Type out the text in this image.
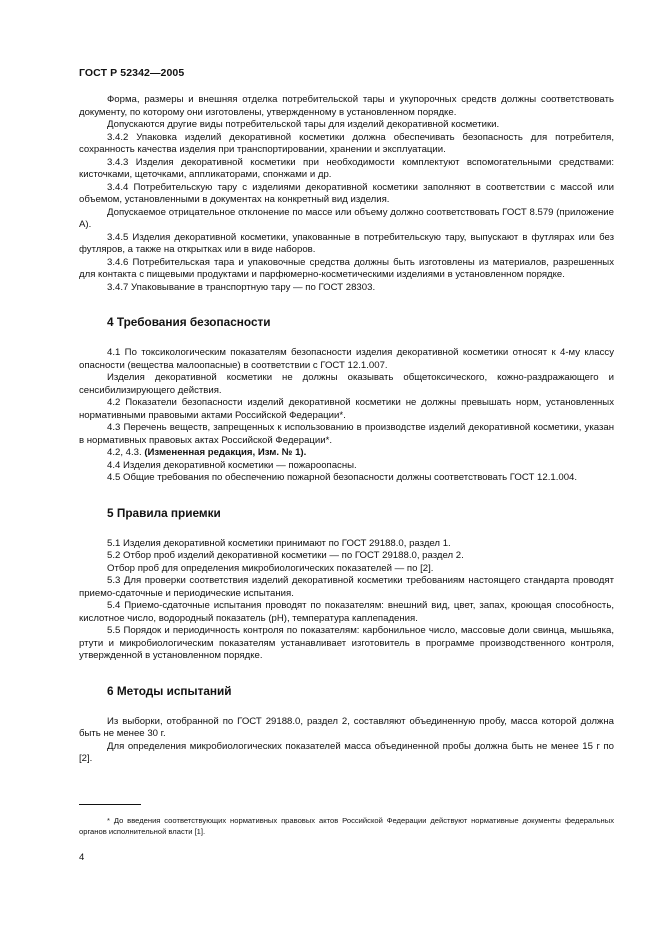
ГОСТ Р 52342—2005

Форма, размеры и внешняя отделка потребительской тары и укупорочных средств должны соответствовать документу, по которому они изготовлены, утвержденному в установленном порядке.

Допускаются другие виды потребительской тары для изделий декоративной косметики.

3.4.2 Упаковка изделий декоративной косметики должна обеспечивать безопасность для потребителя, сохранность качества изделия при транспортировании, хранении и эксплуатации.

3.4.3 Изделия декоративной косметики при необходимости комплектуют вспомогательными средствами: кисточками, щеточками, аппликаторами, спонжами и др.

3.4.4 Потребительскую тару с изделиями декоративной косметики заполняют в соответствии с массой или объемом, установленными в документах на конкретный вид изделия.

Допускаемое отрицательное отклонение по массе или объему должно соответствовать ГОСТ 8.579 (приложение А).

3.4.5 Изделия декоративной косметики, упакованные в потребительскую тару, выпускают в футлярах или без футляров, а также на открытках или в виде наборов.

3.4.6 Потребительская тара и упаковочные средства должны быть изготовлены из материалов, разрешенных для контакта с пищевыми продуктами и парфюмерно-косметическими изделиями в установленном порядке.

3.4.7 Упаковывание в транспортную тару — по ГОСТ 28303.

4 Требования безопасности

4.1 По токсикологическим показателям безопасности изделия декоративной косметики относят к 4-му классу опасности (вещества малоопасные) в соответствии с ГОСТ 12.1.007.

Изделия декоративной косметики не должны оказывать общетоксического, кожно-раздражающего и сенсибилизирующего действия.

4.2 Показатели безопасности изделий декоративной косметики не должны превышать норм, установленных нормативными правовыми актами Российской Федерации*.

4.3 Перечень веществ, запрещенных к использованию в производстве изделий декоративной косметики, указан в нормативных правовых актах Российской Федерации*.

4.2, 4.3. (Измененная редакция, Изм. № 1).

4.4 Изделия декоративной косметики — пожароопасны.

4.5 Общие требования по обеспечению пожарной безопасности должны соответствовать ГОСТ 12.1.004.

5 Правила приемки

5.1 Изделия декоративной косметики принимают по ГОСТ 29188.0, раздел 1.

5.2 Отбор проб изделий декоративной косметики — по ГОСТ 29188.0, раздел 2.

Отбор проб для определения микробиологических показателей — по [2].

5.3 Для проверки соответствия изделий декоративной косметики требованиям настоящего стандарта проводят приемо-сдаточные и периодические испытания.

5.4 Приемо-сдаточные испытания проводят по показателям: внешний вид, цвет, запах, кроющая способность, кислотное число, водородный показатель (pH), температура каплепадения.

5.5 Порядок и периодичность контроля по показателям: карбонильное число, массовые доли свинца, мышьяка, ртути и микробиологическим показателям устанавливает изготовитель в программе производственного контроля, утвержденной в установленном порядке.

6 Методы испытаний

Из выборки, отобранной по ГОСТ 29188.0, раздел 2, составляют объединенную пробу, масса которой должна быть не менее 30 г.

Для определения микробиологических показателей масса объединенной пробы должна быть не менее 15 г по [2].

* До введения соответствующих нормативных правовых актов Российской Федерации действуют нормативные документы федеральных органов исполнительной власти [1].

4
